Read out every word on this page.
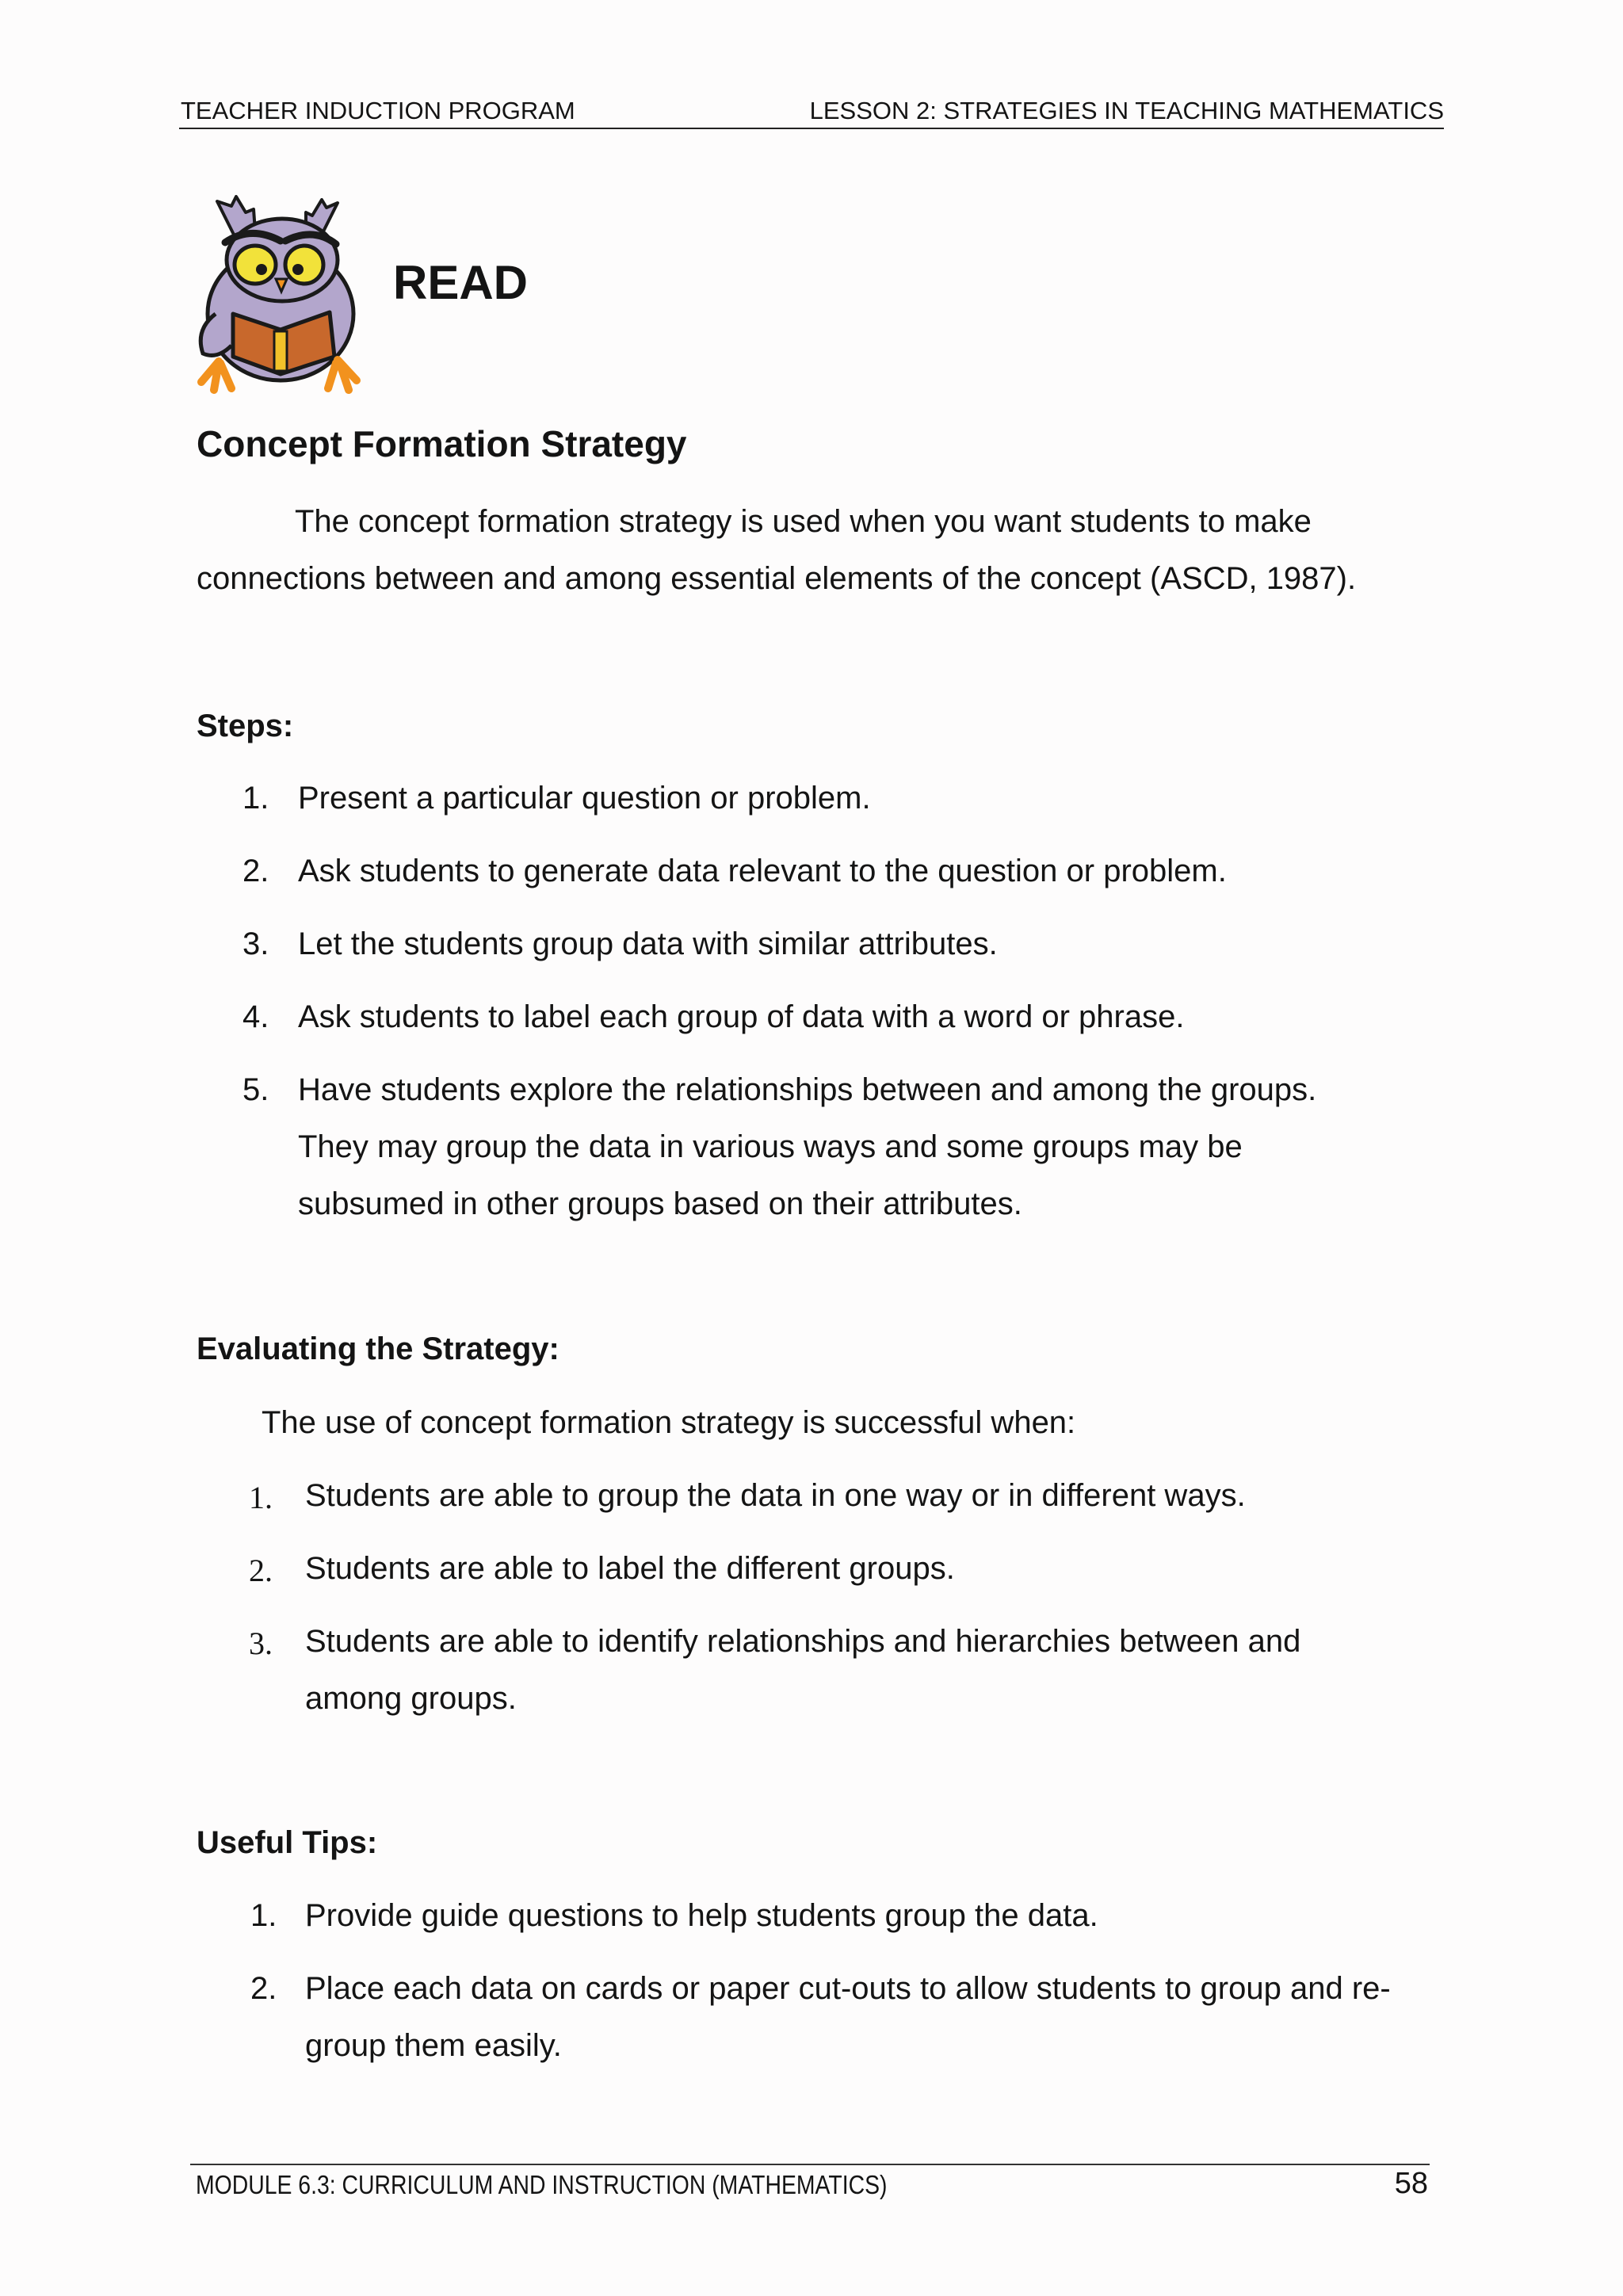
TEACHER INDUCTION PROGRAM	LESSON 2: STRATEGIES IN TEACHING MATHEMATICS
READ
Concept Formation Strategy
The concept formation strategy is used when you want students to make
connections between and among essential elements of the concept (ASCD, 1987).
Steps:
1. Present a particular question or problem.
2. Ask students to generate data relevant to the question or problem.
3. Let the students group data with similar attributes.
4. Ask students to label each group of data with a word or phrase.
5. Have students explore the relationships between and among the groups.
They may group the data in various ways and some groups may be
subsumed in other groups based on their attributes.
Evaluating the Strategy:
The use of concept formation strategy is successful when:
1. Students are able to group the data in one way or in different ways.
2. Students are able to label the different groups.
3. Students are able to identify relationships and hierarchies between and
among groups.
Useful Tips:
1. Provide guide questions to help students group the data.
2. Place each data on cards or paper cut-outs to allow students to group and re-
group them easily.
MODULE 6.3: CURRICULUM AND INSTRUCTION (MATHEMATICS)	58
